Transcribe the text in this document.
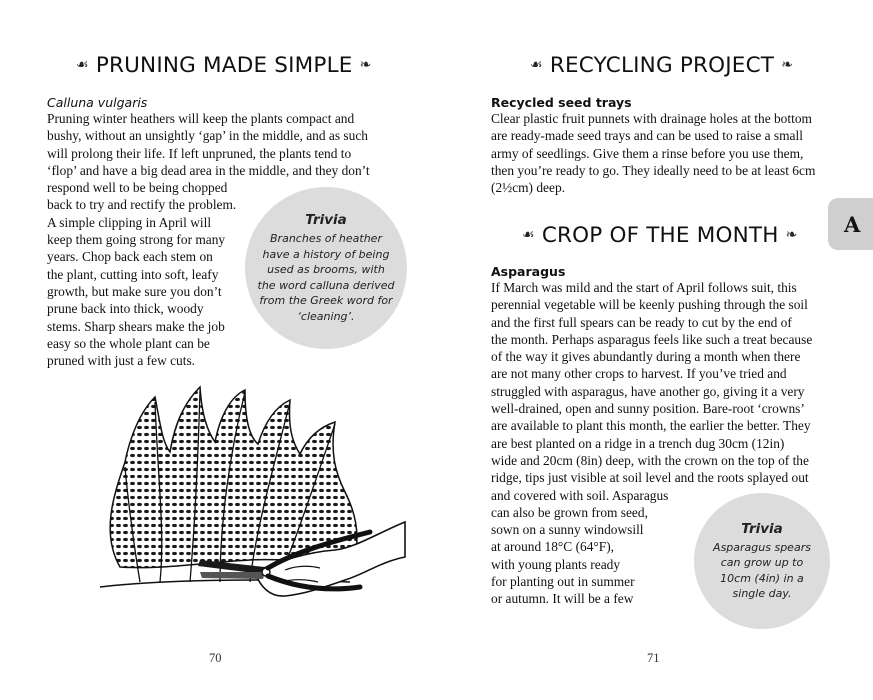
☙ PRUNING MADE SIMPLE ❧

Calluna vulgaris

Pruning winter heathers will keep the plants compact and
bushy, without an unsightly ‘gap’ in the middle, and as such
will prolong their life. If left unpruned, the plants tend to
‘flop’ and have a big dead area in the middle, and they don’t
respond well to be being chopped
back to try and rectify the problem.
A simple clipping in April will
keep them going strong for many
years. Chop back each stem on
the plant, cutting into soft, leafy
growth, but make sure you don’t
prune back into thick, woody
stems. Sharp shears make the job
easy so the whole plant can be
pruned with just a few cuts.
Trivia
Branches of heather
have a history of being
used as brooms, with
the word calluna derived
from the Greek word for
‘cleaning’.
70
☙ RECYCLING PROJECT ❧

Recycled seed trays

Clear plastic fruit punnets with drainage holes at the bottom
are ready-made seed trays and can be used to raise a small
army of seedlings. Give them a rinse before you use them,
then you’re ready to go. They ideally need to be at least 6cm
(2½cm) deep.
☙ CROP OF THE MONTH ❧

Asparagus

If March was mild and the start of April follows suit, this
perennial vegetable will be keenly pushing through the soil
and the first full spears can be ready to cut by the end of
the month. Perhaps asparagus feels like such a treat because
of the way it gives abundantly during a month when there
are not many other crops to harvest. If you’ve tried and
struggled with asparagus, have another go, giving it a very
well-drained, open and sunny position. Bare-root ‘crowns’
are available to plant this month, the earlier the better. They
are best planted on a ridge in a trench dug 30cm (12in)
wide and 20cm (8in) deep, with the crown on the top of the
ridge, tips just visible at soil level and the roots splayed out
and covered with soil. Asparagus
can also be grown from seed,
sown on a sunny windowsill
at around 18°C (64°F),
with young plants ready
for planting out in summer
or autumn. It will be a few
Trivia
Asparagus spears
can grow up to
10cm (4in) in a
single day.
71
A
